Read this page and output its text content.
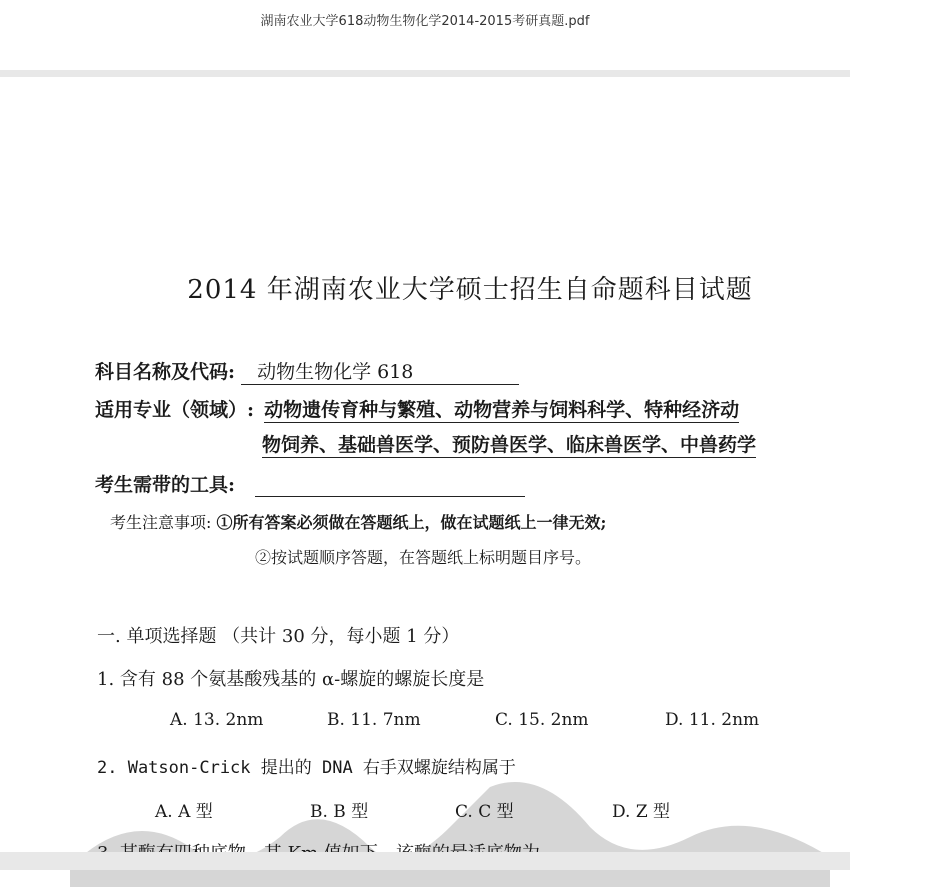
湖南农业大学618动物生物化学2014-2015考研真题.pdf
2014 年湖南农业大学硕士招生自命题科目试题
科目名称及代码: 动物生物化学 618
适用专业（领域）: 动物遗传育种与繁殖、动物营养与饲料科学、特种经济动
物饲养、基础兽医学、预防兽医学、临床兽医学、中兽药学
考生需带的工具:
考生注意事项: ①所有答案必须做在答题纸上，做在试题纸上一律无效;
②按试题顺序答题，在答题纸上标明题目序号。
一. 单项选择题 （共计 30 分，每小题 1 分）
1. 含有 88 个氨基酸残基的 α-螺旋的螺旋长度是
A. 13. 2nm	B. 11. 7nm	C. 15. 2nm	D. 11. 2nm
2. Watson-Crick 提出的 DNA 右手双螺旋结构属于
A. A 型	B. B 型	C. C 型	D. Z 型
